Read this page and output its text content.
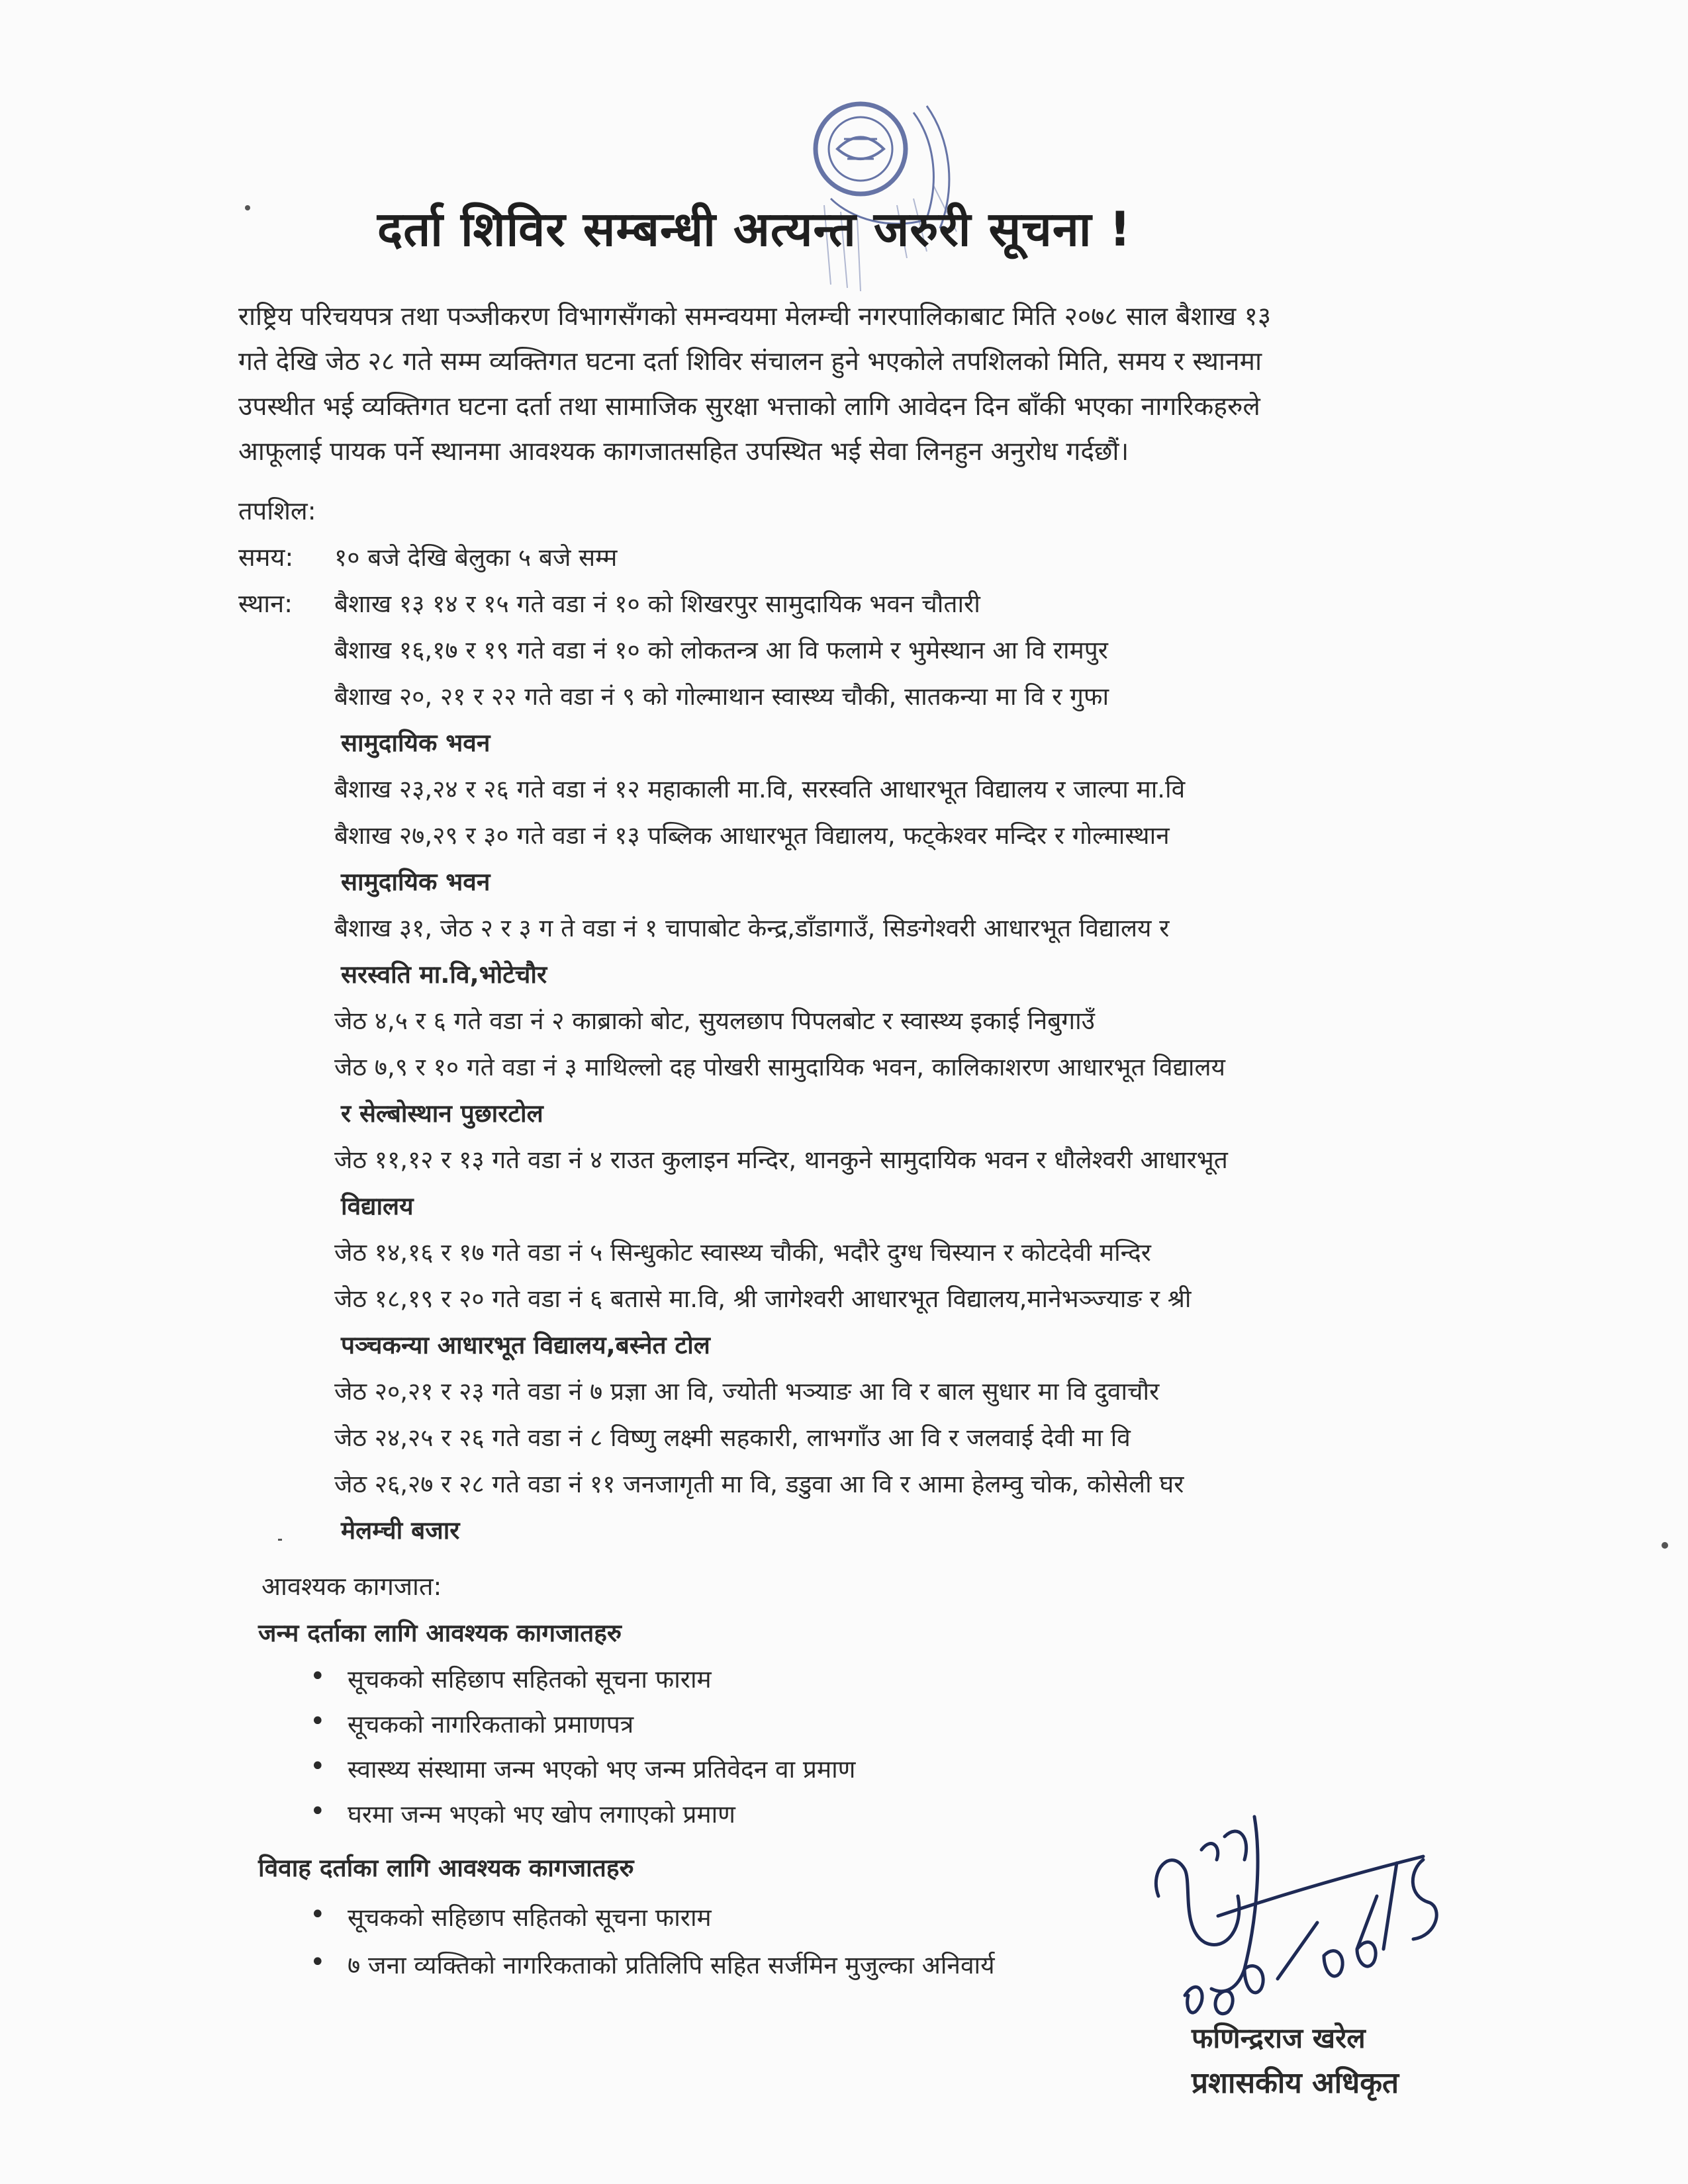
दर्ता शिविर सम्बन्धी अत्यन्त जरुरी सूचना !
राष्ट्रिय परिचयपत्र तथा पञ्जीकरण विभागसँगको समन्वयमा मेलम्ची नगरपालिकाबाट मिति २०७८ साल बैशाख १३
गते देखि जेठ २८ गते सम्म व्यक्तिगत घटना दर्ता शिविर संचालन हुने भएकोले तपशिलको मिति, समय र स्थानमा
उपस्थीत भई व्यक्तिगत घटना दर्ता तथा सामाजिक सुरक्षा भत्ताको लागि आवेदन दिन बाँकी भएका नागरिकहरुले
आफूलाई पायक पर्ने स्थानमा आवश्यक कागजातसहित उपस्थित भई सेवा लिनहुन अनुरोध गर्दछौं।
तपशिल:
समय: १० बजे देखि बेलुका ५ बजे सम्म
स्थान: बैशाख १३ १४ र १५ गते वडा नं १० को शिखरपुर सामुदायिक भवन चौतारी
बैशाख १६,१७ र १९ गते वडा नं १० को लोकतन्त्र आ वि फलामे र भुमेस्थान आ वि रामपुर
बैशाख २०, २१ र २२ गते वडा नं ९ को गोल्माथान स्वास्थ्य चौकी, सातकन्या मा वि र गुफा
सामुदायिक भवन
बैशाख २३,२४ र २६ गते वडा नं १२ महाकाली मा.वि, सरस्वति आधारभूत विद्यालय र जाल्पा मा.वि
बैशाख २७,२९ र ३० गते वडा नं १३ पब्लिक आधारभूत विद्यालय, फट्केश्वर मन्दिर र गोल्मास्थान
सामुदायिक भवन
बैशाख ३१, जेठ २ र ३ ग ते वडा नं १ चापाबोट केन्द्र,डाँडागाउँ, सिङगेश्वरी आधारभूत विद्यालय र
सरस्वति मा.वि,भोटेचौर
जेठ ४,५ र ६ गते वडा नं २ काब्राको बोट, सुयलछाप पिपलबोट र स्वास्थ्य इकाई निबुगाउँ
जेठ ७,९ र १० गते वडा नं ३ माथिल्लो दह पोखरी सामुदायिक भवन, कालिकाशरण आधारभूत विद्यालय
र सेल्बोस्थान पुछारटोल
जेठ ११,१२ र १३ गते वडा नं ४ राउत कुलाइन मन्दिर, थानकुने सामुदायिक भवन र धौलेश्वरी आधारभूत
विद्यालय
जेठ १४,१६ र १७ गते वडा नं ५ सिन्धुकोट स्वास्थ्य चौकी, भदौरे दुग्ध चिस्यान र कोटदेवी मन्दिर
जेठ १८,१९ र २० गते वडा नं ६ बतासे मा.वि, श्री जागेश्वरी आधारभूत विद्यालय,मानेभञ्ज्याङ र श्री
पञ्चकन्या आधारभूत विद्यालय,बस्नेत टोल
जेठ २०,२१ र २३ गते वडा नं ७ प्रज्ञा आ वि, ज्योती भञ्याङ आ वि र बाल सुधार मा वि दुवाचौर
जेठ २४,२५ र २६ गते वडा नं ८ विष्णु लक्ष्मी सहकारी, लाभगाँउ आ वि र जलवाई देवी मा वि
जेठ २६,२७ र २८ गते वडा नं ११ जनजागृती मा वि, डडुवा आ वि र आमा हेलम्वु चोक, कोसेली घर
मेलम्ची बजार
आवश्यक कागजात:
जन्म दर्ताका लागि आवश्यक कागजातहरु
• सूचकको सहिछाप सहितको सूचना फाराम
• सूचकको नागरिकताको प्रमाणपत्र
• स्वास्थ्य संस्थामा जन्म भएको भए जन्म प्रतिवेदन वा प्रमाण
• घरमा जन्म भएको भए खोप लगाएको प्रमाण
विवाह दर्ताका लागि आवश्यक कागजातहरु
• सूचकको सहिछाप सहितको सूचना फाराम
• ७ जना व्यक्तिको नागरिकताको प्रतिलिपि सहित सर्जमिन मुजुल्का अनिवार्य
फणिन्द्रराज खरेल
प्रशासकीय अधिकृत
